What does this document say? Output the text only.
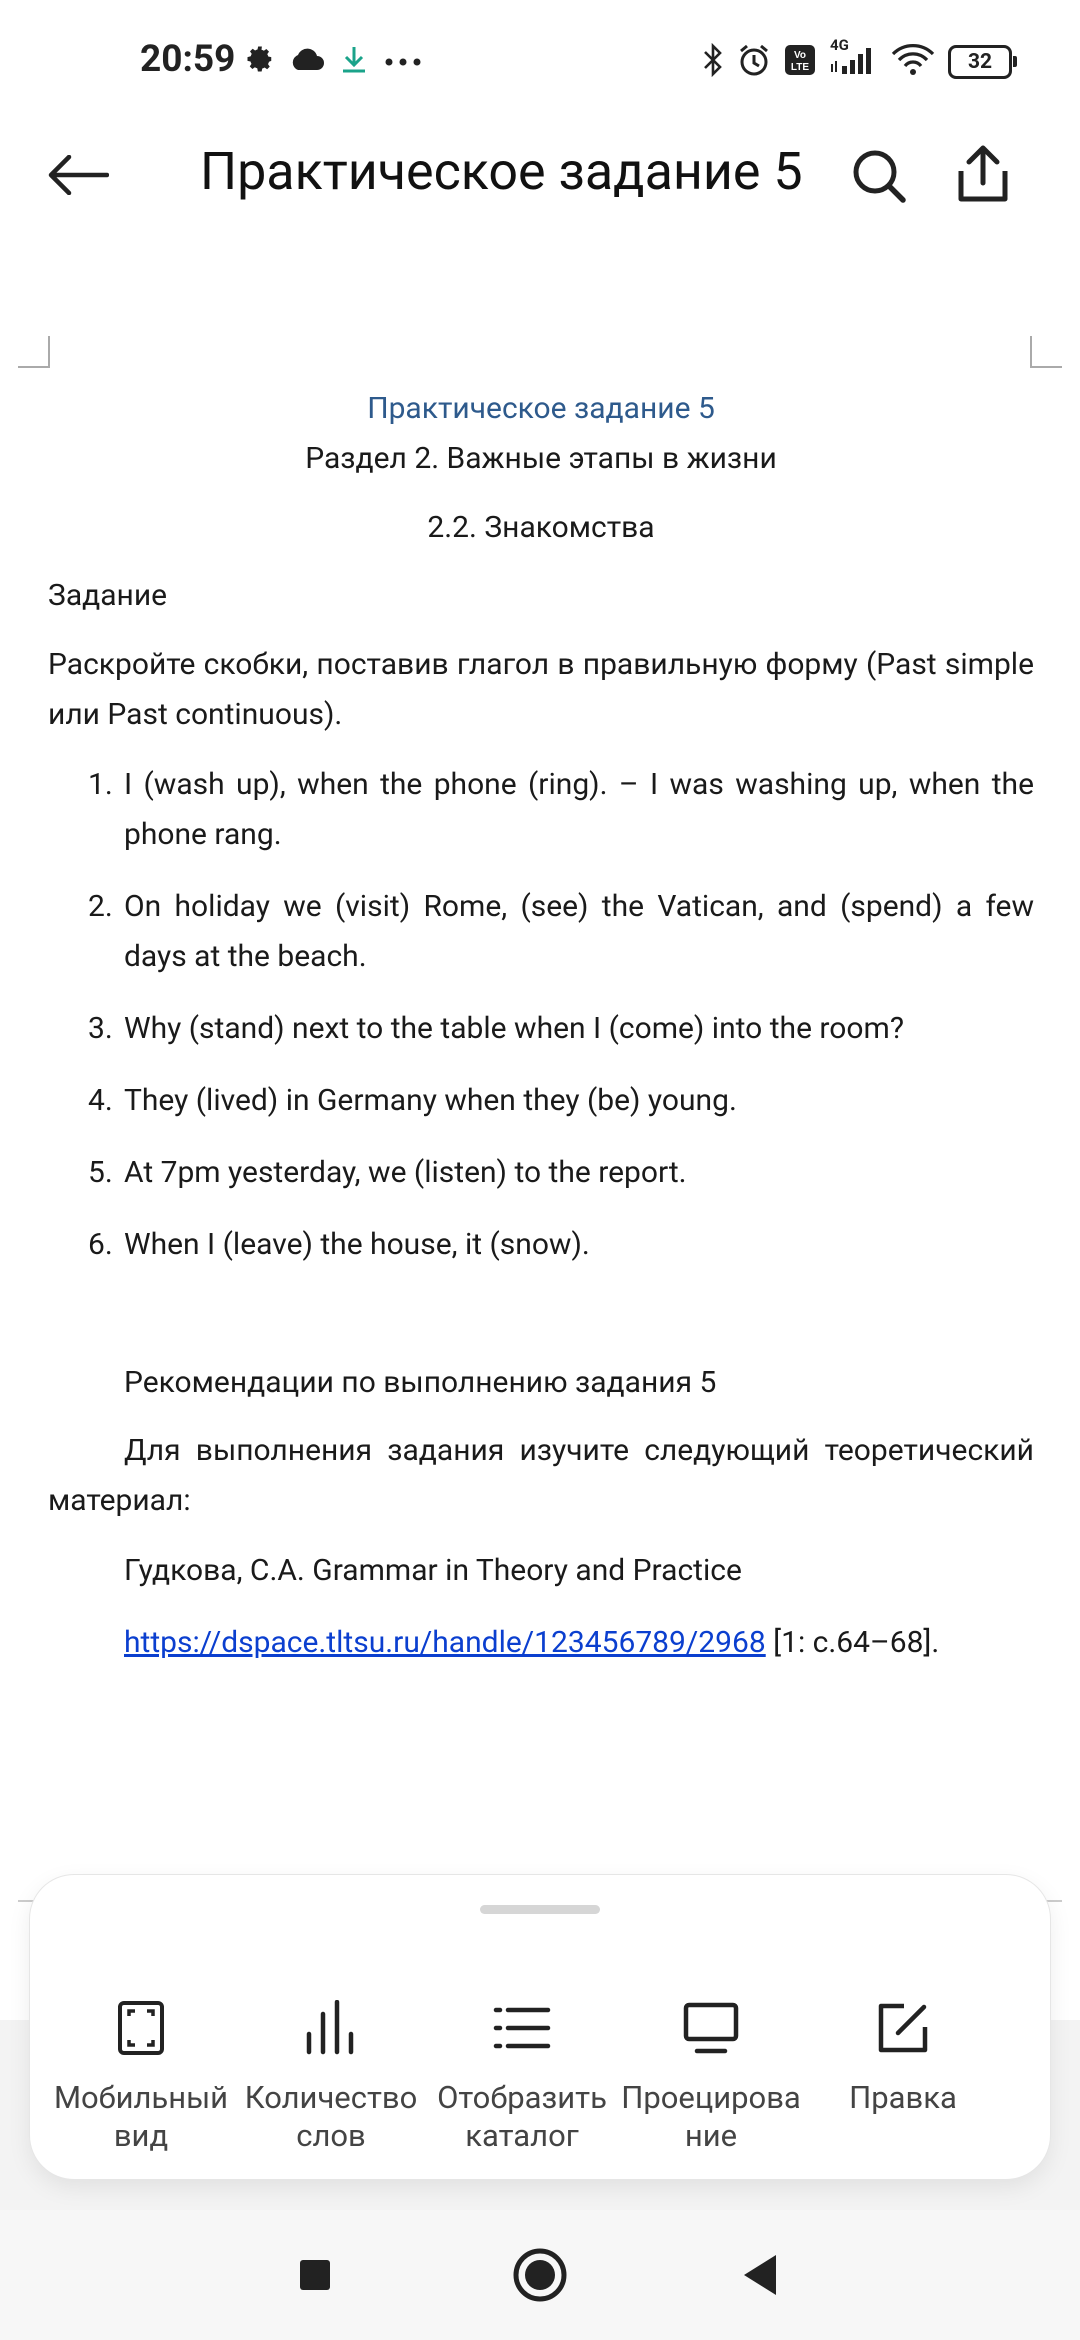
20:59	Vo
LTE
4G
32
Практическое задание 5
Практическое задание 5
Раздел 2. Важные этапы в жизни
2.2. Знакомства
Задание
Раскройте скобки, поставив глагол в правильную форму (Past simple или Past continuous).
1. I (wash up), when the phone (ring). – I was washing up, when the phone rang.
2. On holiday we (visit) Rome, (see) the Vatican, and (spend) a few days at the beach.
3. Why (stand) next to the table when I (come) into the room?
4. They (lived) in Germany when they (be) young.
5. At 7pm yesterday, we (listen) to the report.
6. When I (leave) the house, it (snow).
Рекомендации по выполнению задания 5
Для выполнения задания изучите следующий теоретический материал:
Гудкова, С.А. Grammar in Theory and Practice
https://dspace.tltsu.ru/handle/123456789/2968 [1: с.64–68].
Мобильный
вид
Количество
слов
Отобразить
каталог
Проецирова
ние
Правка
